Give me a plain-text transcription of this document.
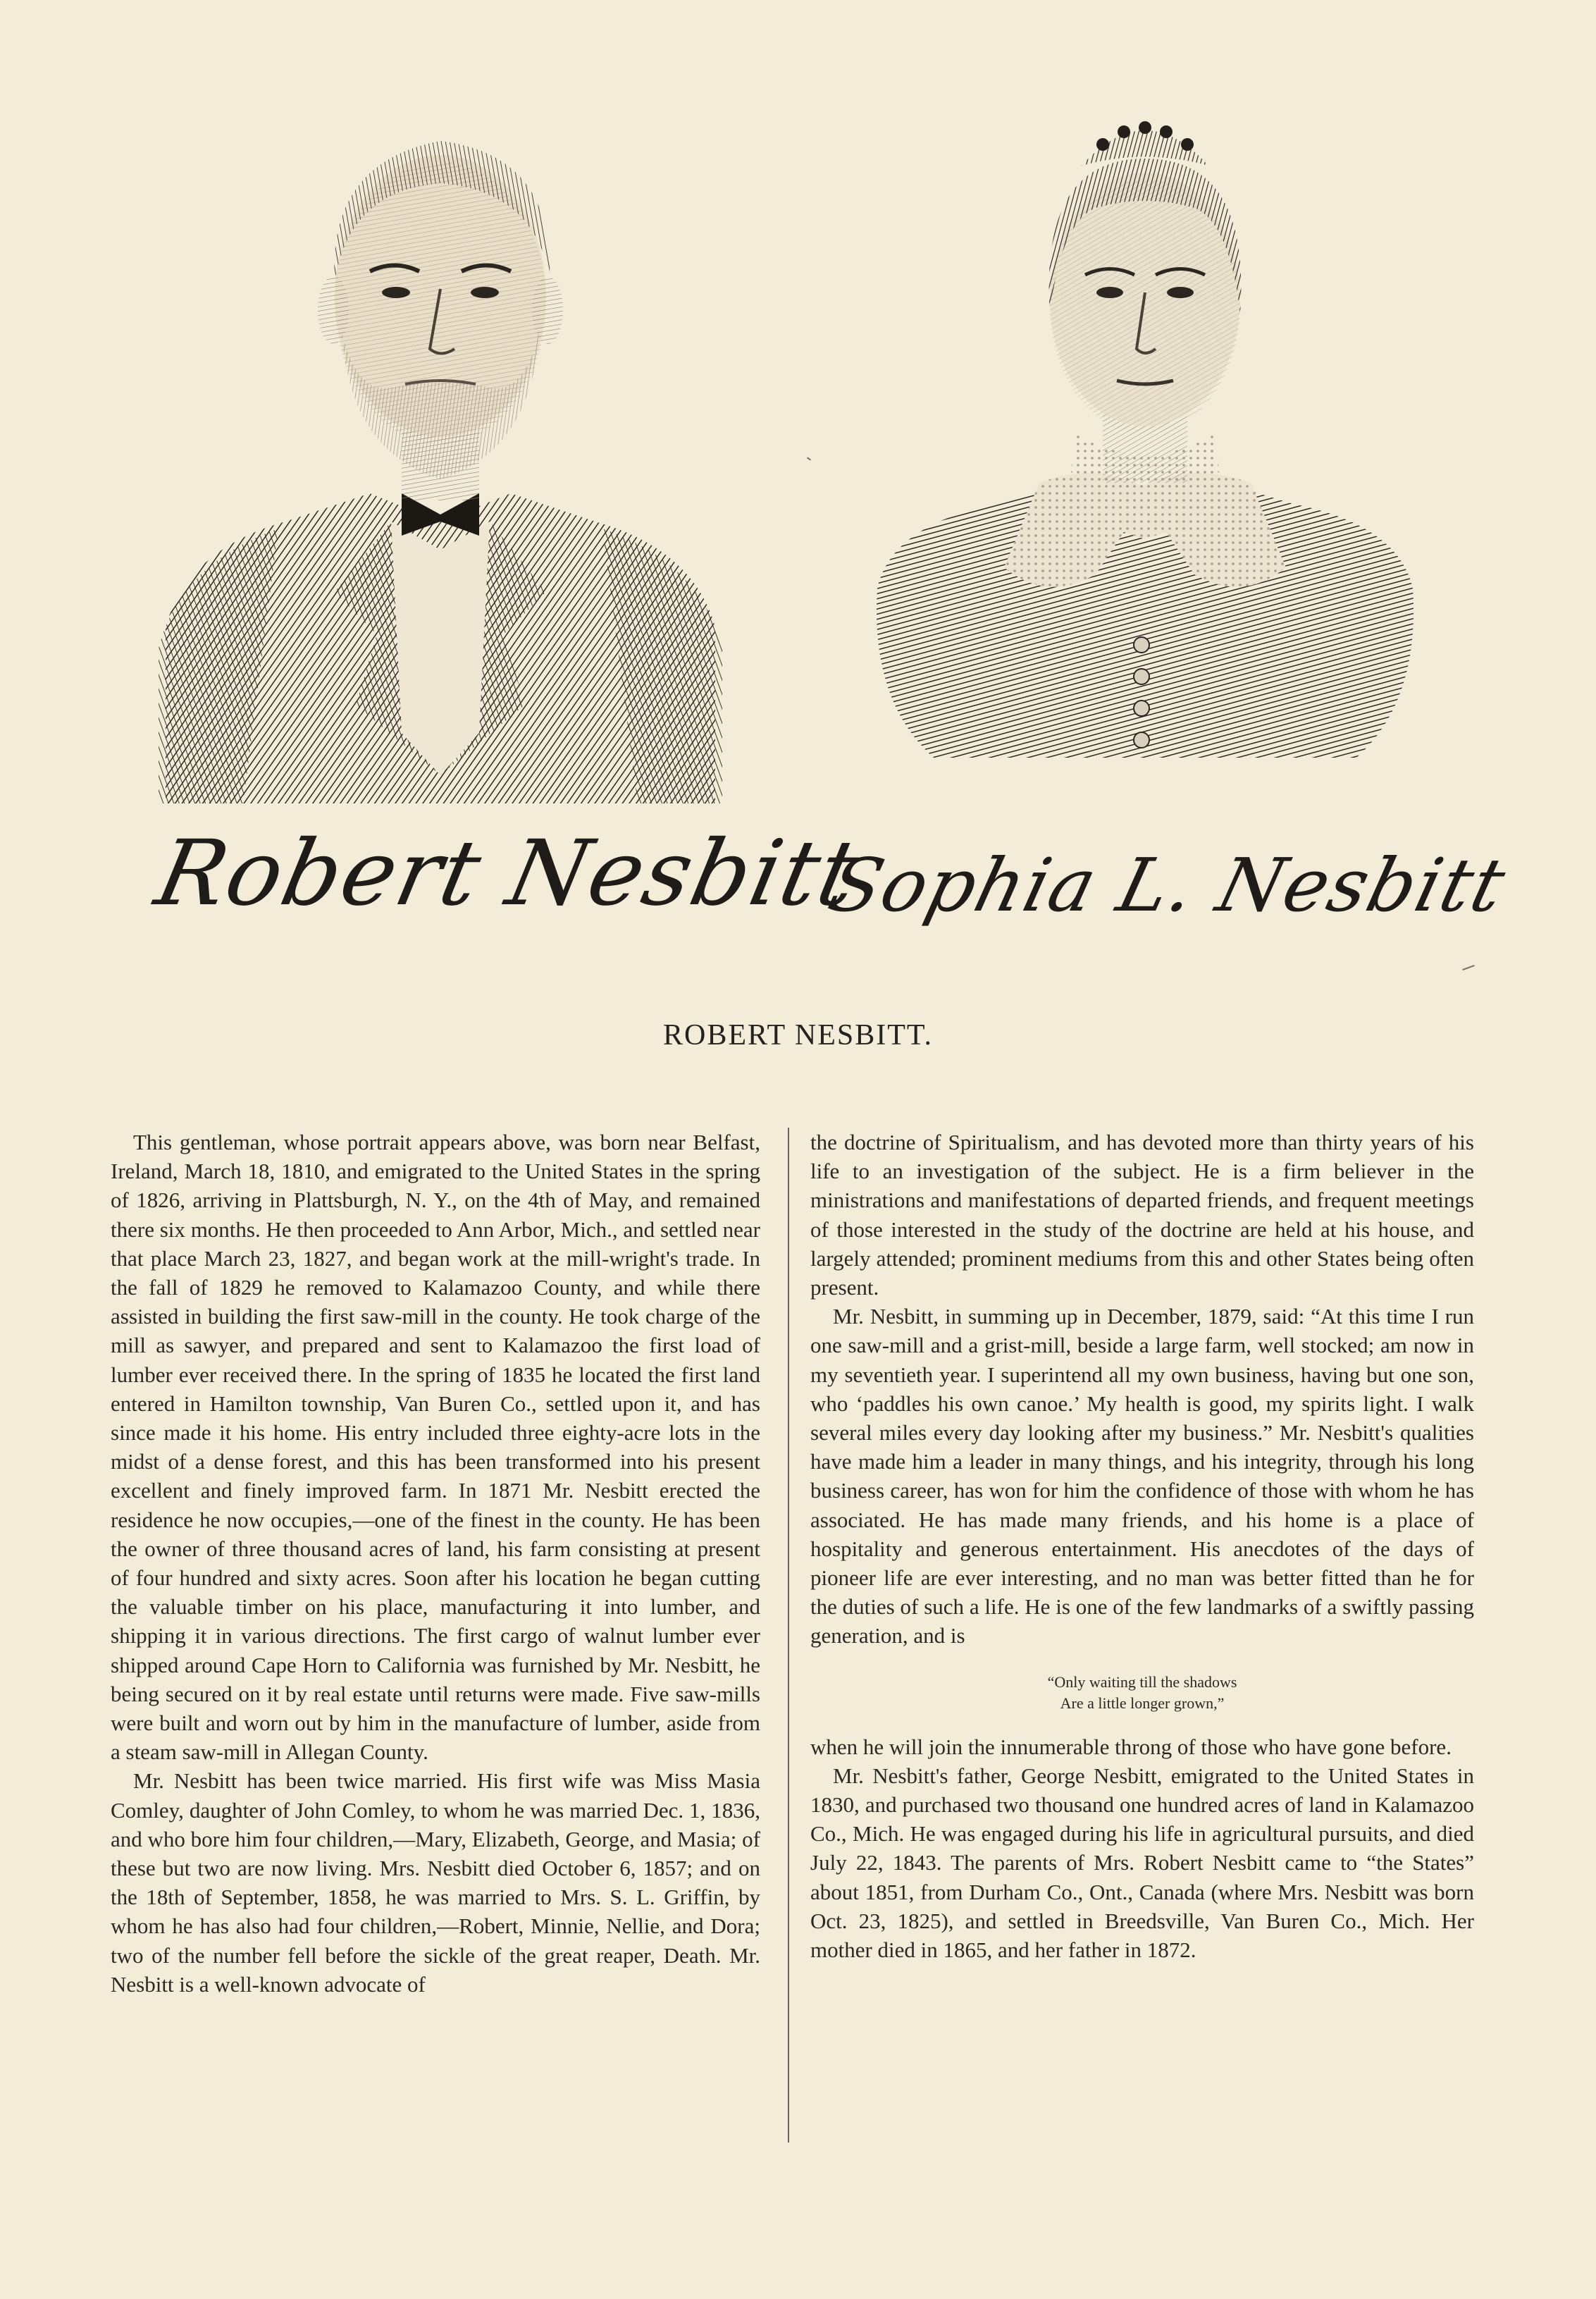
Robert Nesbitt
Sophia L. Nesbitt
ROBERT NESBITT.

This gentleman, whose portrait appears above, was born near Belfast, Ireland, March 18, 1810, and emigrated to the United States in the spring of 1826, arriving in Plattsburgh, N. Y., on the 4th of May, and remained there six months. He then proceeded to Ann Arbor, Mich., and settled near that place March 23, 1827, and began work at the mill-wright's trade. In the fall of 1829 he removed to Kalamazoo County, and while there assisted in building the first saw-mill in the county. He took charge of the mill as sawyer, and prepared and sent to Kalamazoo the first load of lumber ever received there. In the spring of 1835 he located the first land entered in Hamilton township, Van Buren Co., settled upon it, and has since made it his home. His entry included three eighty-acre lots in the midst of a dense forest, and this has been transformed into his present excellent and finely improved farm. In 1871 Mr. Nesbitt erected the residence he now occupies,—one of the finest in the county. He has been the owner of three thousand acres of land, his farm consisting at present of four hundred and sixty acres. Soon after his location he began cutting the valuable timber on his place, manufacturing it into lumber, and shipping it in various directions. The first cargo of walnut lumber ever shipped around Cape Horn to California was furnished by Mr. Nesbitt, he being secured on it by real estate until returns were made. Five saw-mills were built and worn out by him in the manufacture of lumber, aside from a steam saw-mill in Allegan County.

Mr. Nesbitt has been twice married. His first wife was Miss Masia Comley, daughter of John Comley, to whom he was married Dec. 1, 1836, and who bore him four children,—Mary, Elizabeth, George, and Masia; of these but two are now living. Mrs. Nesbitt died October 6, 1857; and on the 18th of September, 1858, he was married to Mrs. S. L. Griffin, by whom he has also had four children,—Robert, Minnie, Nellie, and Dora; two of the number fell before the sickle of the great reaper, Death. Mr. Nesbitt is a well-known advocate of

the doctrine of Spiritualism, and has devoted more than thirty years of his life to an investigation of the subject. He is a firm believer in the ministrations and manifestations of departed friends, and frequent meetings of those interested in the study of the doctrine are held at his house, and largely attended; prominent mediums from this and other States being often present.

Mr. Nesbitt, in summing up in December, 1879, said: “At this time I run one saw-mill and a grist-mill, beside a large farm, well stocked; am now in my seventieth year. I superintend all my own business, having but one son, who ‘paddles his own canoe.’ My health is good, my spirits light. I walk several miles every day looking after my business.” Mr. Nesbitt's qualities have made him a leader in many things, and his integrity, through his long business career, has won for him the confidence of those with whom he has associated. He has made many friends, and his home is a place of hospitality and generous entertainment. His anecdotes of the days of pioneer life are ever interesting, and no man was better fitted than he for the duties of such a life. He is one of the few landmarks of a swiftly passing generation, and is

“Only waiting till the shadows
Are a little longer grown,”

when he will join the innumerable throng of those who have gone before.

Mr. Nesbitt's father, George Nesbitt, emigrated to the United States in 1830, and purchased two thousand one hundred acres of land in Kalamazoo Co., Mich. He was engaged during his life in agricultural pursuits, and died July 22, 1843. The parents of Mrs. Robert Nesbitt came to “the States” about 1851, from Durham Co., Ont., Canada (where Mrs. Nesbitt was born Oct. 23, 1825), and settled in Breedsville, Van Buren Co., Mich. Her mother died in 1865, and her father in 1872.
